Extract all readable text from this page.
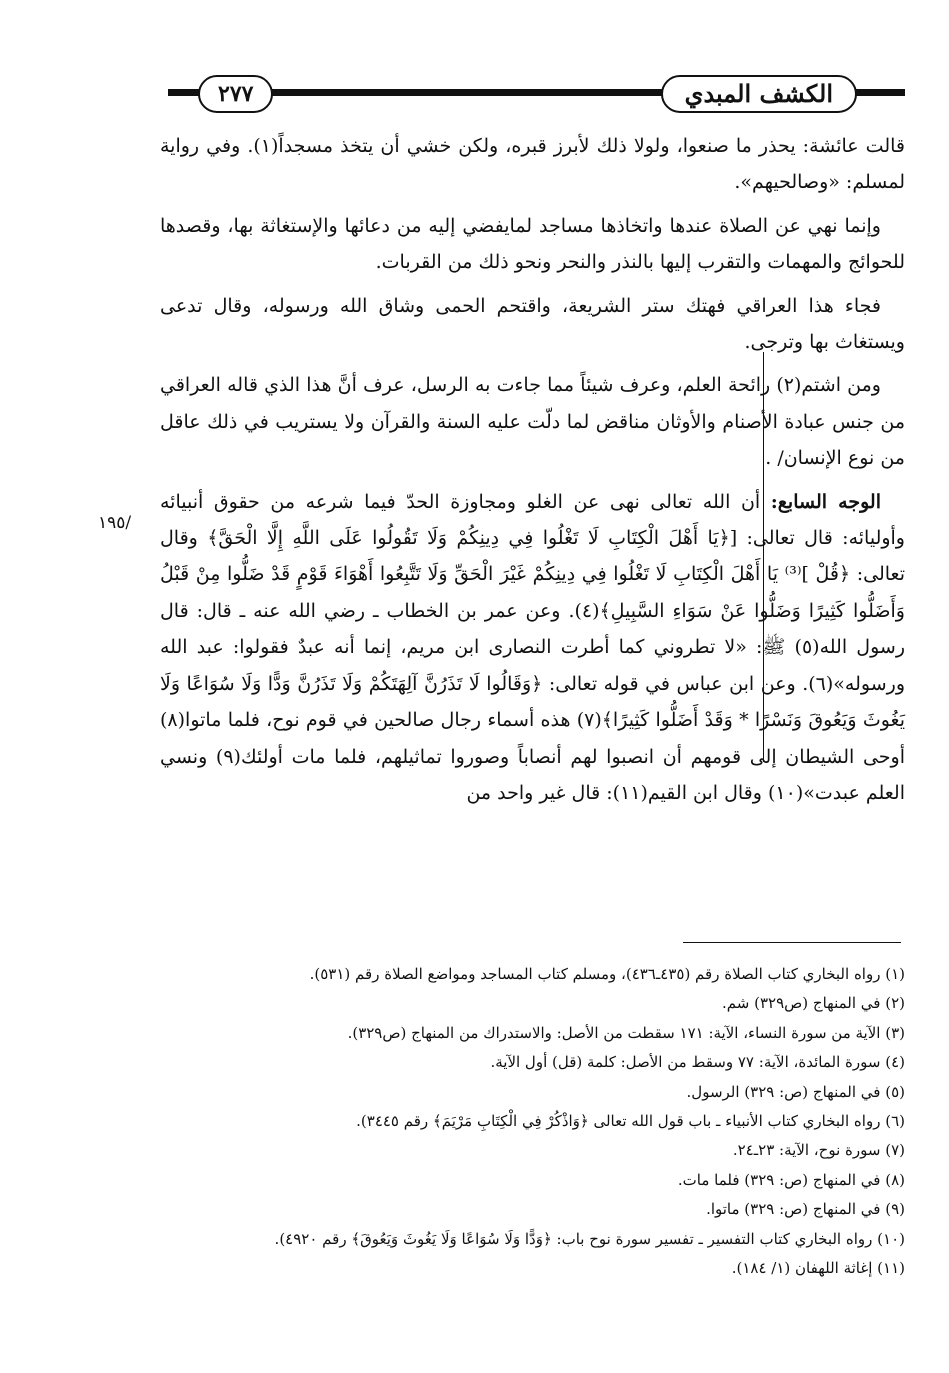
الكشف المبدي
٢٧٧
١٩٥/

قالت عائشة: يحذر ما صنعوا، ولولا ذلك لأبرز قبره، ولكن خشي أن يتخذ مسجداً(١). وفي رواية لمسلم: «وصالحيهم».

وإنما نهي عن الصلاة عندها واتخاذها مساجد لمايفضي إليه من دعائها والإستغاثة بها، وقصدها للحوائج والمهمات والتقرب إليها بالنذر والنحر ونحو ذلك من القربات.

فجاء هذا العراقي فهتك ستر الشريعة، واقتحم الحمى وشاق الله ورسوله، وقال تدعى ويستغاث بها وترجى.

ومن اشتم(٢) رائحة العلم، وعرف شيئاً مما جاءت به الرسل، عرف أنَّ هذا الذي قاله العراقي من جنس عبادة الأصنام والأوثان مناقض لما دلّت عليه السنة والقرآن ولا يستريب في ذلك عاقل من نوع الإنسان/ .

الوجه السابع: أن الله تعالى نهى عن الغلو ومجاوزة الحدّ فيما شرعه من حقوق أنبيائه وأوليائه: قال تعالى: [﴿يَا أَهْلَ الْكِتَابِ لَا تَغْلُوا فِي دِينِكُمْ وَلَا تَقُولُوا عَلَى اللَّهِ إِلَّا الْحَقَّ﴾ وقال تعالى: ﴿قُلْ ]⁽³⁾ يَا أَهْلَ الْكِتَابِ لَا تَغْلُوا فِي دِينِكُمْ غَيْرَ الْحَقِّ وَلَا تَتَّبِعُوا أَهْوَاءَ قَوْمٍ قَدْ ضَلُّوا مِنْ قَبْلُ وَأَضَلُّوا كَثِيرًا وَضَلُّوا عَنْ سَوَاءِ السَّبِيلِ﴾(٤). وعن عمر بن الخطاب ـ رضي الله عنه ـ قال: قال رسول الله(٥) ﷺ: «لا تطروني كما أطرت النصارى ابن مريم، إنما أنه عبدٌ فقولوا: عبد الله ورسوله»(٦). وعن ابن عباس في قوله تعالى: ﴿وَقَالُوا لَا تَذَرُنَّ آلِهَتَكُمْ وَلَا تَذَرُنَّ وَدًّا وَلَا سُوَاعًا وَلَا يَغُوثَ وَيَعُوقَ وَنَسْرًا * وَقَدْ أَضَلُّوا كَثِيرًا﴾(٧) هذه أسماء رجال صالحين في قوم نوح، فلما ماتوا(٨) أوحى الشيطان إلى قومهم أن انصبوا لهم أنصاباً وصوروا تماثيلهم، فلما مات أولئك(٩) ونسي العلم عبدت»(١٠) وقال ابن القيم(١١): قال غير واحد من

(١) رواه البخاري كتاب الصلاة رقم (٤٣٥ـ٤٣٦)، ومسلم كتاب المساجد ومواضع الصلاة رقم (٥٣١).
(٢) في المنهاج (ص٣٢٩) شم.
(٣) الآية من سورة النساء، الآية: ١٧١ سقطت من الأصل: والاستدراك من المنهاج (ص٣٢٩).
(٤) سورة المائدة، الآية: ٧٧ وسقط من الأصل: كلمة (قل) أول الآية.
(٥) في المنهاج (ص: ٣٢٩) الرسول.
(٦) رواه البخاري كتاب الأنبياء ـ باب قول الله تعالى ﴿وَاذْكُرْ فِي الْكِتَابِ مَرْيَمَ﴾ رقم ٣٤٤٥).
(٧) سورة نوح، الآية: ٢٣ـ٢٤.
(٨) في المنهاج (ص: ٣٢٩) فلما مات.
(٩) في المنهاج (ص: ٣٢٩) ماتوا.
(١٠) رواه البخاري كتاب التفسير ـ تفسير سورة نوح باب: ﴿وَدًّا وَلَا سُوَاعًا وَلَا يَغُوثَ وَيَعُوقَ﴾ رقم ٤٩٢٠).
(١١) إغاثة اللهفان (١/ ١٨٤).
